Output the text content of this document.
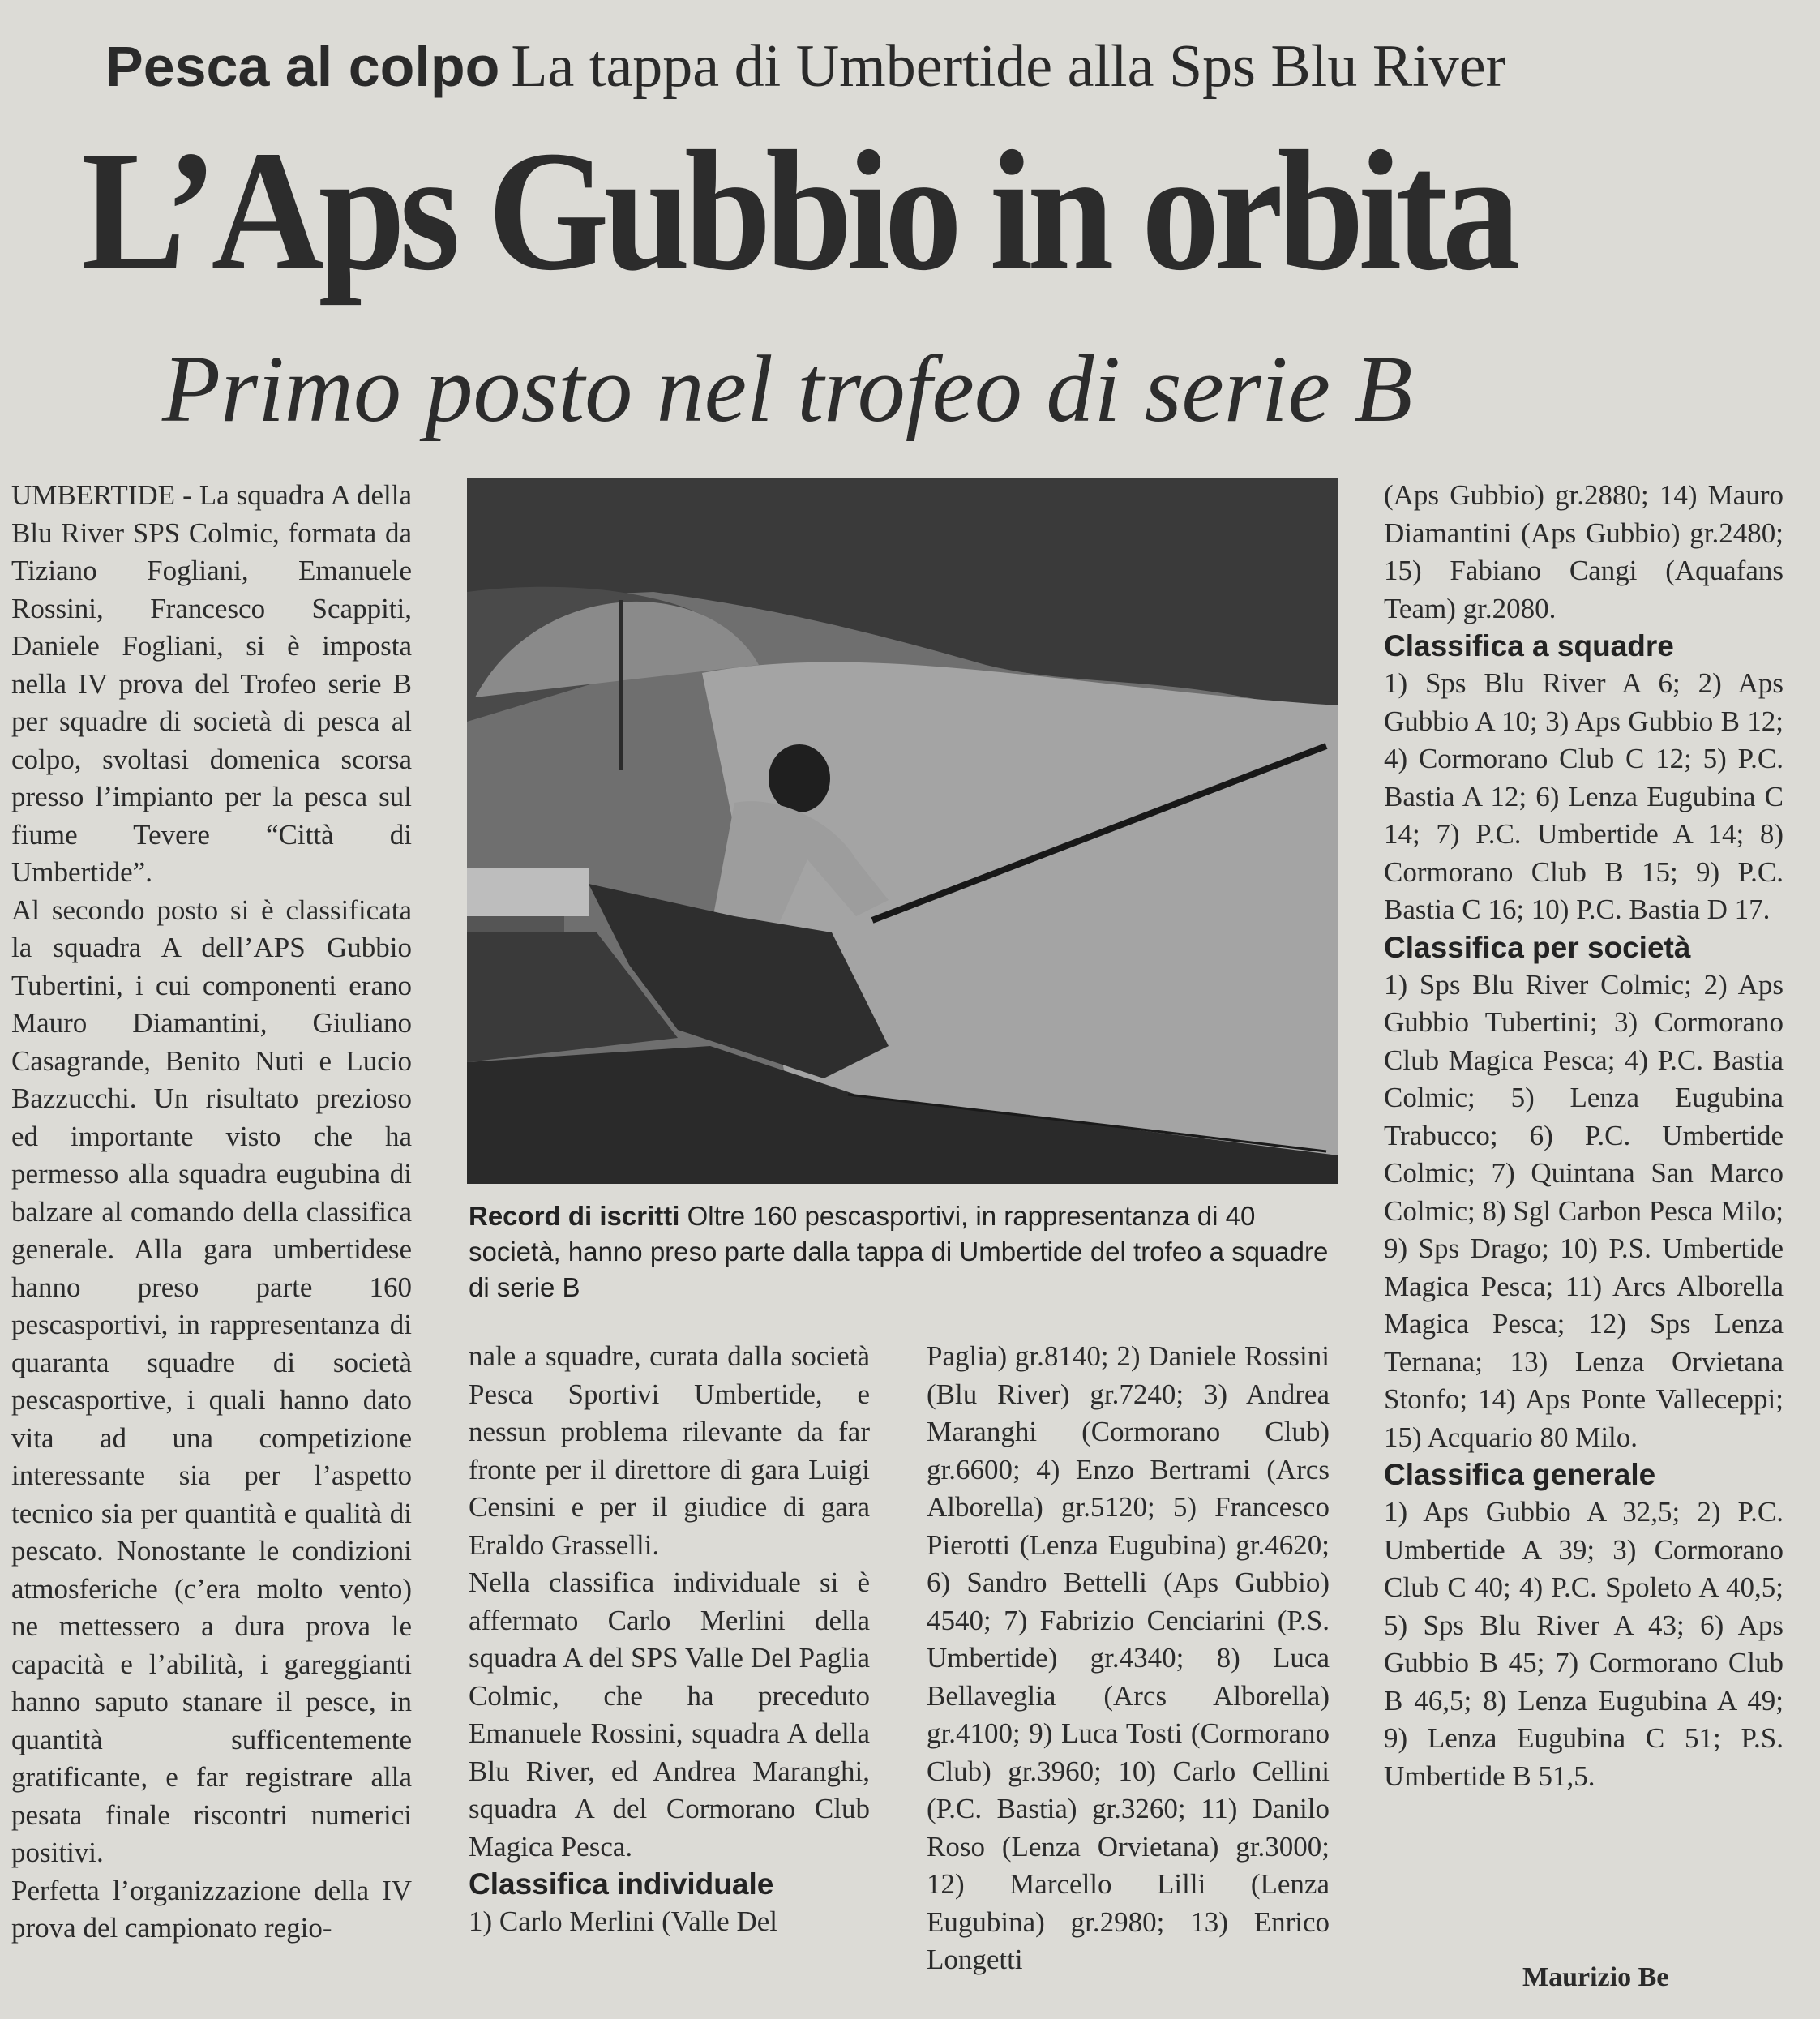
Pesca al colpo La tappa di Umbertide alla Sps Blu River
L’Aps Gubbio in orbita
Primo posto nel trofeo di serie B

UMBERTIDE - La squadra A della Blu River SPS Colmic, formata da Tiziano Fogliani, Emanuele Rossini, Francesco Scappiti, Daniele Fogliani, si è imposta nella IV prova del Trofeo serie B per squadre di società di pesca al colpo, svoltasi domenica scorsa presso l’impianto per la pesca sul fiume Tevere “Città di Umbertide”.

Al secondo posto si è classificata la squadra A dell’APS Gubbio Tubertini, i cui componenti erano Mauro Diamantini, Giuliano Casagrande, Benito Nuti e Lucio Bazzucchi. Un risultato prezioso ed importante visto che ha permesso alla squadra eugubina di balzare al comando della classifica generale. Alla gara umbertidese hanno preso parte 160 pescasportivi, in rappresentanza di quaranta squadre di società pescasportive, i quali hanno dato vita ad una competizione interessante sia per l’aspetto tecnico sia per quantità e qualità di pescato. Nonostante le condizioni atmosferiche (c’era molto vento) ne mettessero a dura prova le capacità e l’abilità, i gareggianti hanno saputo stanare il pesce, in quantità sufficentemente gratificante, e far registrare alla pesata finale riscontri numerici positivi.

Perfetta l’organizzazione della IV prova del campionato regio-

Record di iscritti Oltre 160 pescasportivi, in rappresentanza di 40 società, hanno preso parte dalla tappa di Umbertide del trofeo a squadre di serie B

nale a squadre, curata dalla società Pesca Sportivi Umbertide, e nessun problema rilevante da far fronte per il direttore di gara Luigi Censini e per il giudice di gara Eraldo Grasselli.

Nella classifica individuale si è affermato Carlo Merlini della squadra A del SPS Valle Del Paglia Colmic, che ha preceduto Emanuele Rossini, squadra A della Blu River, ed Andrea Maranghi, squadra A del Cormorano Club Magica Pesca.

Classifica individuale

1) Carlo Merlini (Valle Del

Paglia) gr.8140; 2) Daniele Rossini (Blu River) gr.7240; 3) Andrea Maranghi (Cormorano Club) gr.6600; 4) Enzo Bertrami (Arcs Alborella) gr.5120; 5) Francesco Pierotti (Lenza Eugubina) gr.4620; 6) Sandro Bettelli (Aps Gubbio) 4540; 7) Fabrizio Cenciarini (P.S. Umbertide) gr.4340; 8) Luca Bellaveglia (Arcs Alborella) gr.4100; 9) Luca Tosti (Cormorano Club) gr.3960; 10) Carlo Cellini (P.C. Bastia) gr.3260; 11) Danilo Roso (Lenza Orvietana) gr.3000; 12) Marcello Lilli (Lenza Eugubina) gr.2980; 13) Enrico Longetti

(Aps Gubbio) gr.2880; 14) Mauro Diamantini (Aps Gubbio) gr.2480; 15) Fabiano Cangi (Aquafans Team) gr.2080.

Classifica a squadre

1) Sps Blu River A 6; 2) Aps Gubbio A 10; 3) Aps Gubbio B 12; 4) Cormorano Club C 12; 5) P.C. Bastia A 12; 6) Lenza Eugubina C 14; 7) P.C. Umbertide A 14; 8) Cormorano Club B 15; 9) P.C. Bastia C 16; 10) P.C. Bastia D 17.

Classifica per società

1) Sps Blu River Colmic; 2) Aps Gubbio Tubertini; 3) Cormorano Club Magica Pesca; 4) P.C. Bastia Colmic; 5) Lenza Eugubina Trabucco; 6) P.C. Umbertide Colmic; 7) Quintana San Marco Colmic; 8) Sgl Carbon Pesca Milo; 9) Sps Drago; 10) P.S. Umbertide Magica Pesca; 11) Arcs Alborella Magica Pesca; 12) Sps Lenza Ternana; 13) Lenza Orvietana Stonfo; 14) Aps Ponte Valleceppi; 15) Acquario 80 Milo.

Classifica generale

1) Aps Gubbio A 32,5; 2) P.C. Umbertide A 39; 3) Cormorano Club C 40; 4) P.C. Spoleto A 40,5; 5) Sps Blu River A 43; 6) Aps Gubbio B 45; 7) Cormorano Club B 46,5; 8) Lenza Eugubina A 49; 9) Lenza Eugubina C 51; P.S. Umbertide B 51,5.

Maurizio Be
